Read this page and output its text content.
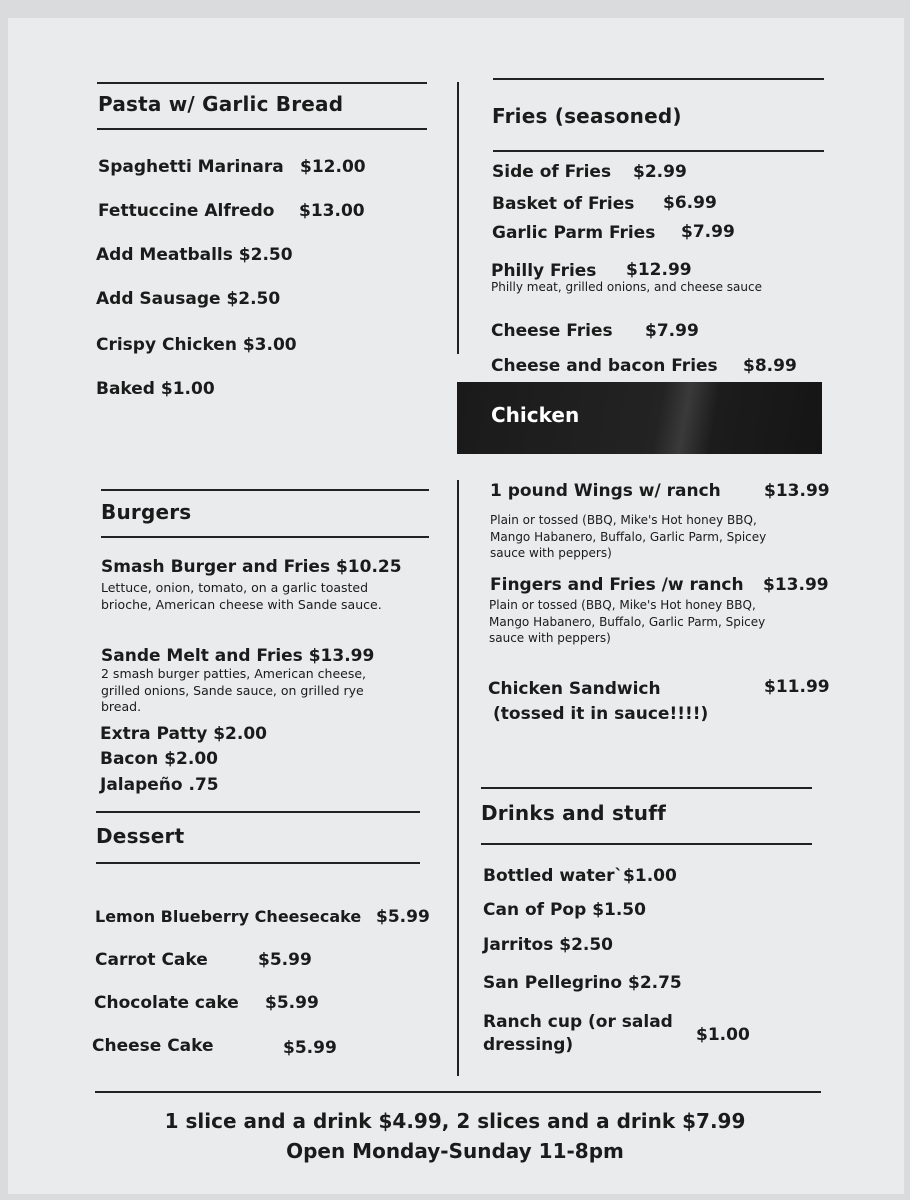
Pasta w/ Garlic Bread
Spaghetti Marinara $12.00
Fettuccine Alfredo $13.00
Add Meatballs $2.50
Add Sausage $2.50
Crispy Chicken $3.00
Baked $1.00
Burgers
Smash Burger and Fries $10.25
Lettuce, onion, tomato, on a garlic toasted brioche, American cheese with Sande sauce.
Sande Melt and Fries $13.99
2 smash burger patties, American cheese, grilled onions, Sande sauce, on grilled rye bread.
Extra Patty $2.00
Bacon $2.00
Jalapeño .75
Dessert
Lemon Blueberry Cheesecake $5.99
Carrot Cake	$5.99
Chocolate cake $5.99
Cheese Cake	$5.99
Fries (seasoned)
Side of Fries $2.99
Basket of Fries $6.99
Garlic Parm Fries $7.99
Philly Fries $12.99
Philly meat, grilled onions, and cheese sauce
Cheese Fries $7.99
Cheese and bacon Fries $8.99
Chicken
1 pound Wings w/ ranch	$13.99
Plain or tossed (BBQ, Mike's Hot honey BBQ, Mango Habanero, Buffalo, Garlic Parm, Spicey sauce with peppers)
Fingers and Fries /w ranch $13.99
Plain or tossed (BBQ, Mike's Hot honey BBQ, Mango Habanero, Buffalo, Garlic Parm, Spicey sauce with peppers)
Chicken Sandwich
(tossed it in sauce!!!!)
$11.99
Drinks and stuff
Bottled water`$1.00
Can of Pop $1.50
Jarritos $2.50
San Pellegrino $2.75
Ranch cup (or salad
dressing)	$1.00
1 slice and a drink $4.99, 2 slices and a drink $7.99
Open Monday-Sunday 11-8pm
